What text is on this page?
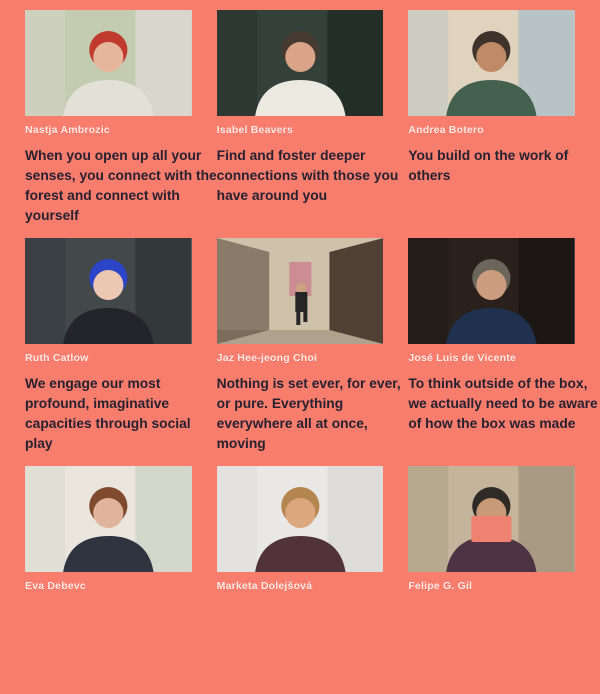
Nastja Ambrozic

When you open up all your senses, you connect with the forest and connect with yourself

Isabel Beavers

Find and foster deeper connections with those you have around you

Andrea Botero

You build on the work of others

Ruth Catlow

We engage our most profound, imaginative capacities through social play

Jaz Hee-jeong Choi

Nothing is set ever, for ever, or pure. Everything everywhere all at once, moving

José Luis de Vicente

To think outside of the box, we actually need to be aware of how the box was made

Eva Debevc	Marketa Dolejšová	Felipe G. Gil
